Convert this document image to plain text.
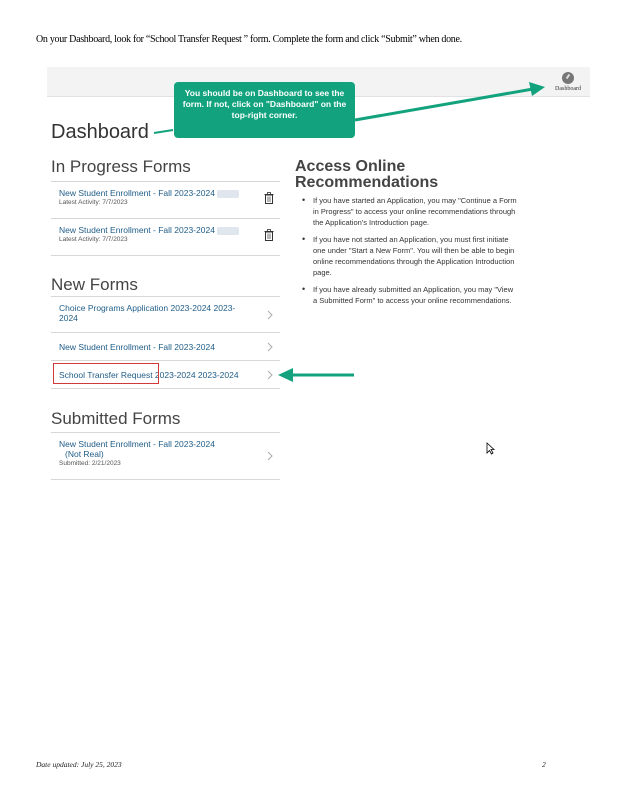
On your Dashboard, look for “School Transfer Request ” form. Complete the form and click “Submit” when done.
Dashboard
Dashboard
In Progress Forms
New Student Enrollment - Fall 2023-2024
Latest Activity: 7/7/2023
New Student Enrollment - Fall 2023-2024
Latest Activity: 7/7/2023
New Forms
Choice Programs Application 2023-2024 2023-2024
New Student Enrollment - Fall 2023-2024
School Transfer Request 2023-2024 2023-2024
Submitted Forms
New Student Enrollment - Fall 2023-2024
(Not Real)
Submitted: 2/21/2023
Access Online Recommendations
• If you have started an Application, you may "Continue a Form in Progress" to access your online recommendations through the Application's Introduction page.
• If you have not started an Application, you must first initiate one under "Start a New Form". You will then be able to begin online recommendations through the Application Introduction page.
• If you have already submitted an Application, you may "View a Submitted Form" to access your online recommendations.
You should be on Dashboard to see the form. If not, click on "Dashboard" on the top-right corner.
Date updated: July 25, 2023	2
